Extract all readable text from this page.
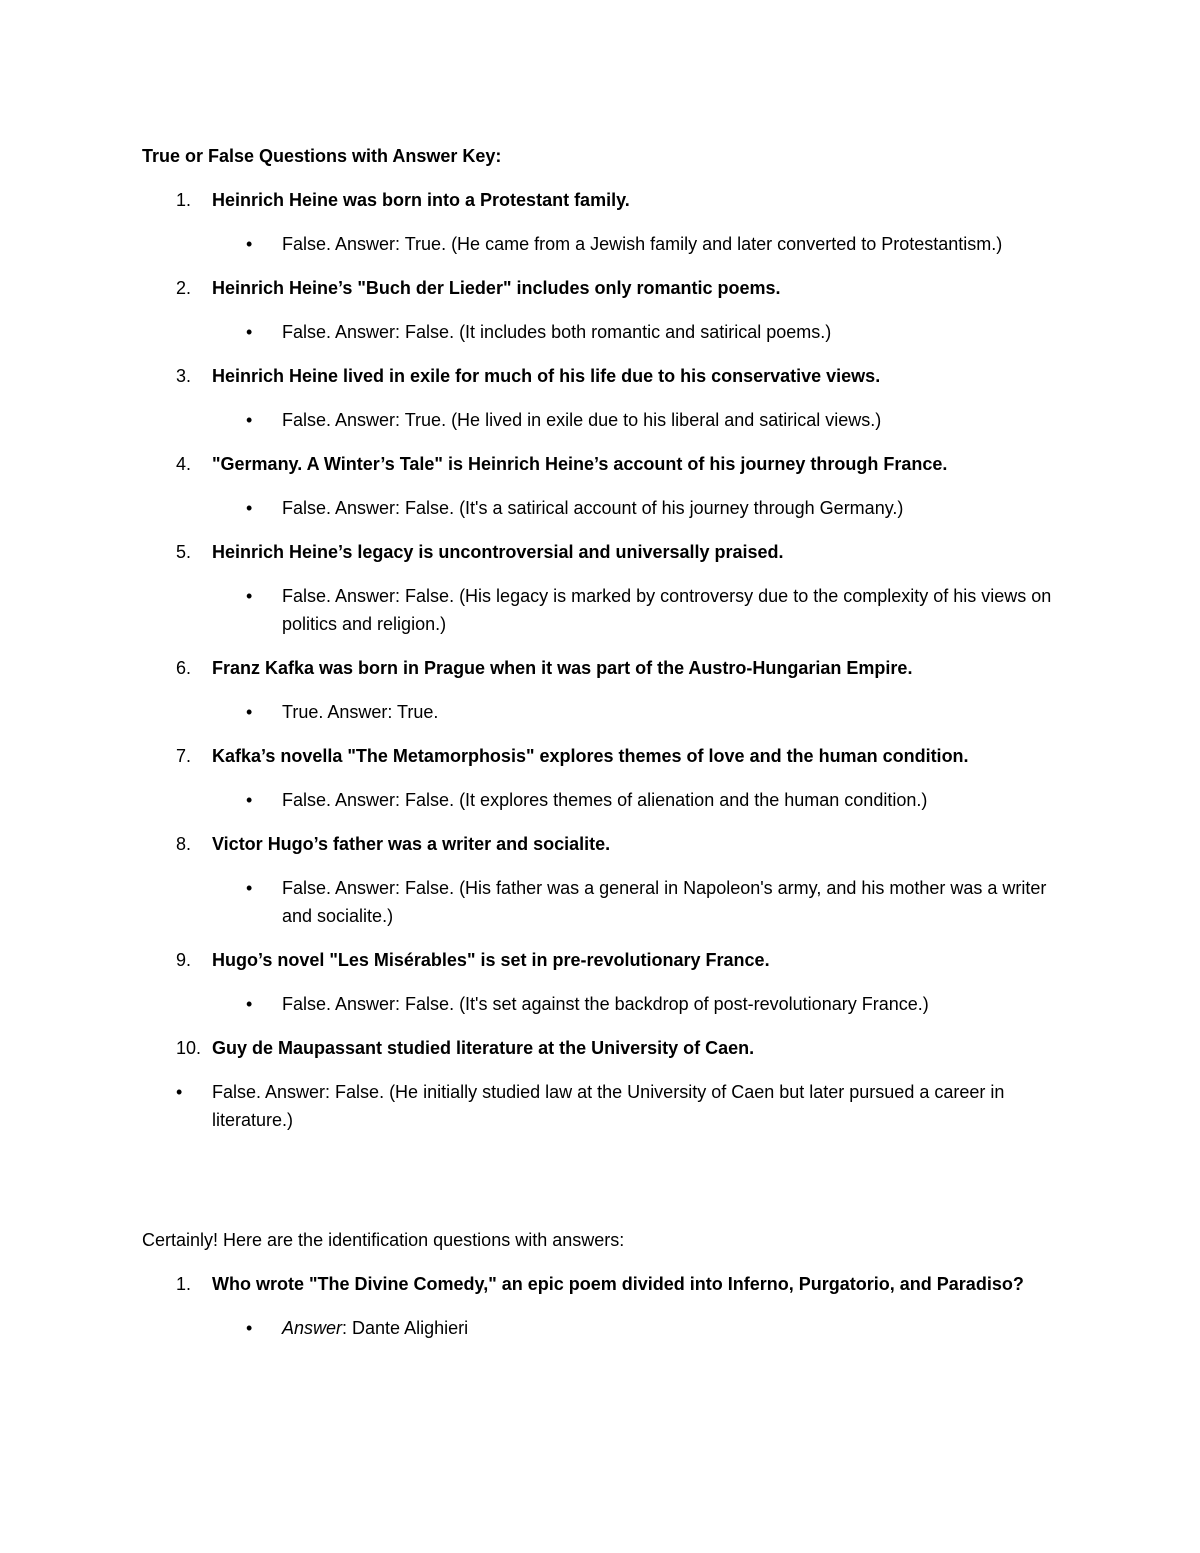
True or False Questions with Answer Key:
1. Heinrich Heine was born into a Protestant family.
• False. Answer: True. (He came from a Jewish family and later converted to Protestantism.)
2. Heinrich Heine’s "Buch der Lieder" includes only romantic poems.
• False. Answer: False. (It includes both romantic and satirical poems.)
3. Heinrich Heine lived in exile for much of his life due to his conservative views.
• False. Answer: True. (He lived in exile due to his liberal and satirical views.)
4. "Germany. A Winter’s Tale" is Heinrich Heine’s account of his journey through France.
• False. Answer: False. (It's a satirical account of his journey through Germany.)
5. Heinrich Heine’s legacy is uncontroversial and universally praised.
• False. Answer: False. (His legacy is marked by controversy due to the complexity of his views on politics and religion.)
6. Franz Kafka was born in Prague when it was part of the Austro-Hungarian Empire.
• True. Answer: True.
7. Kafka’s novella "The Metamorphosis" explores themes of love and the human condition.
• False. Answer: False. (It explores themes of alienation and the human condition.)
8. Victor Hugo’s father was a writer and socialite.
• False. Answer: False. (His father was a general in Napoleon's army, and his mother was a writer and socialite.)
9. Hugo’s novel "Les Misérables" is set in pre-revolutionary France.
• False. Answer: False. (It's set against the backdrop of post-revolutionary France.)
10. Guy de Maupassant studied literature at the University of Caen.
• False. Answer: False. (He initially studied law at the University of Caen but later pursued a career in literature.)
Certainly! Here are the identification questions with answers:
1. Who wrote "The Divine Comedy," an epic poem divided into Inferno, Purgatorio, and Paradiso?
• Answer: Dante Alighieri
